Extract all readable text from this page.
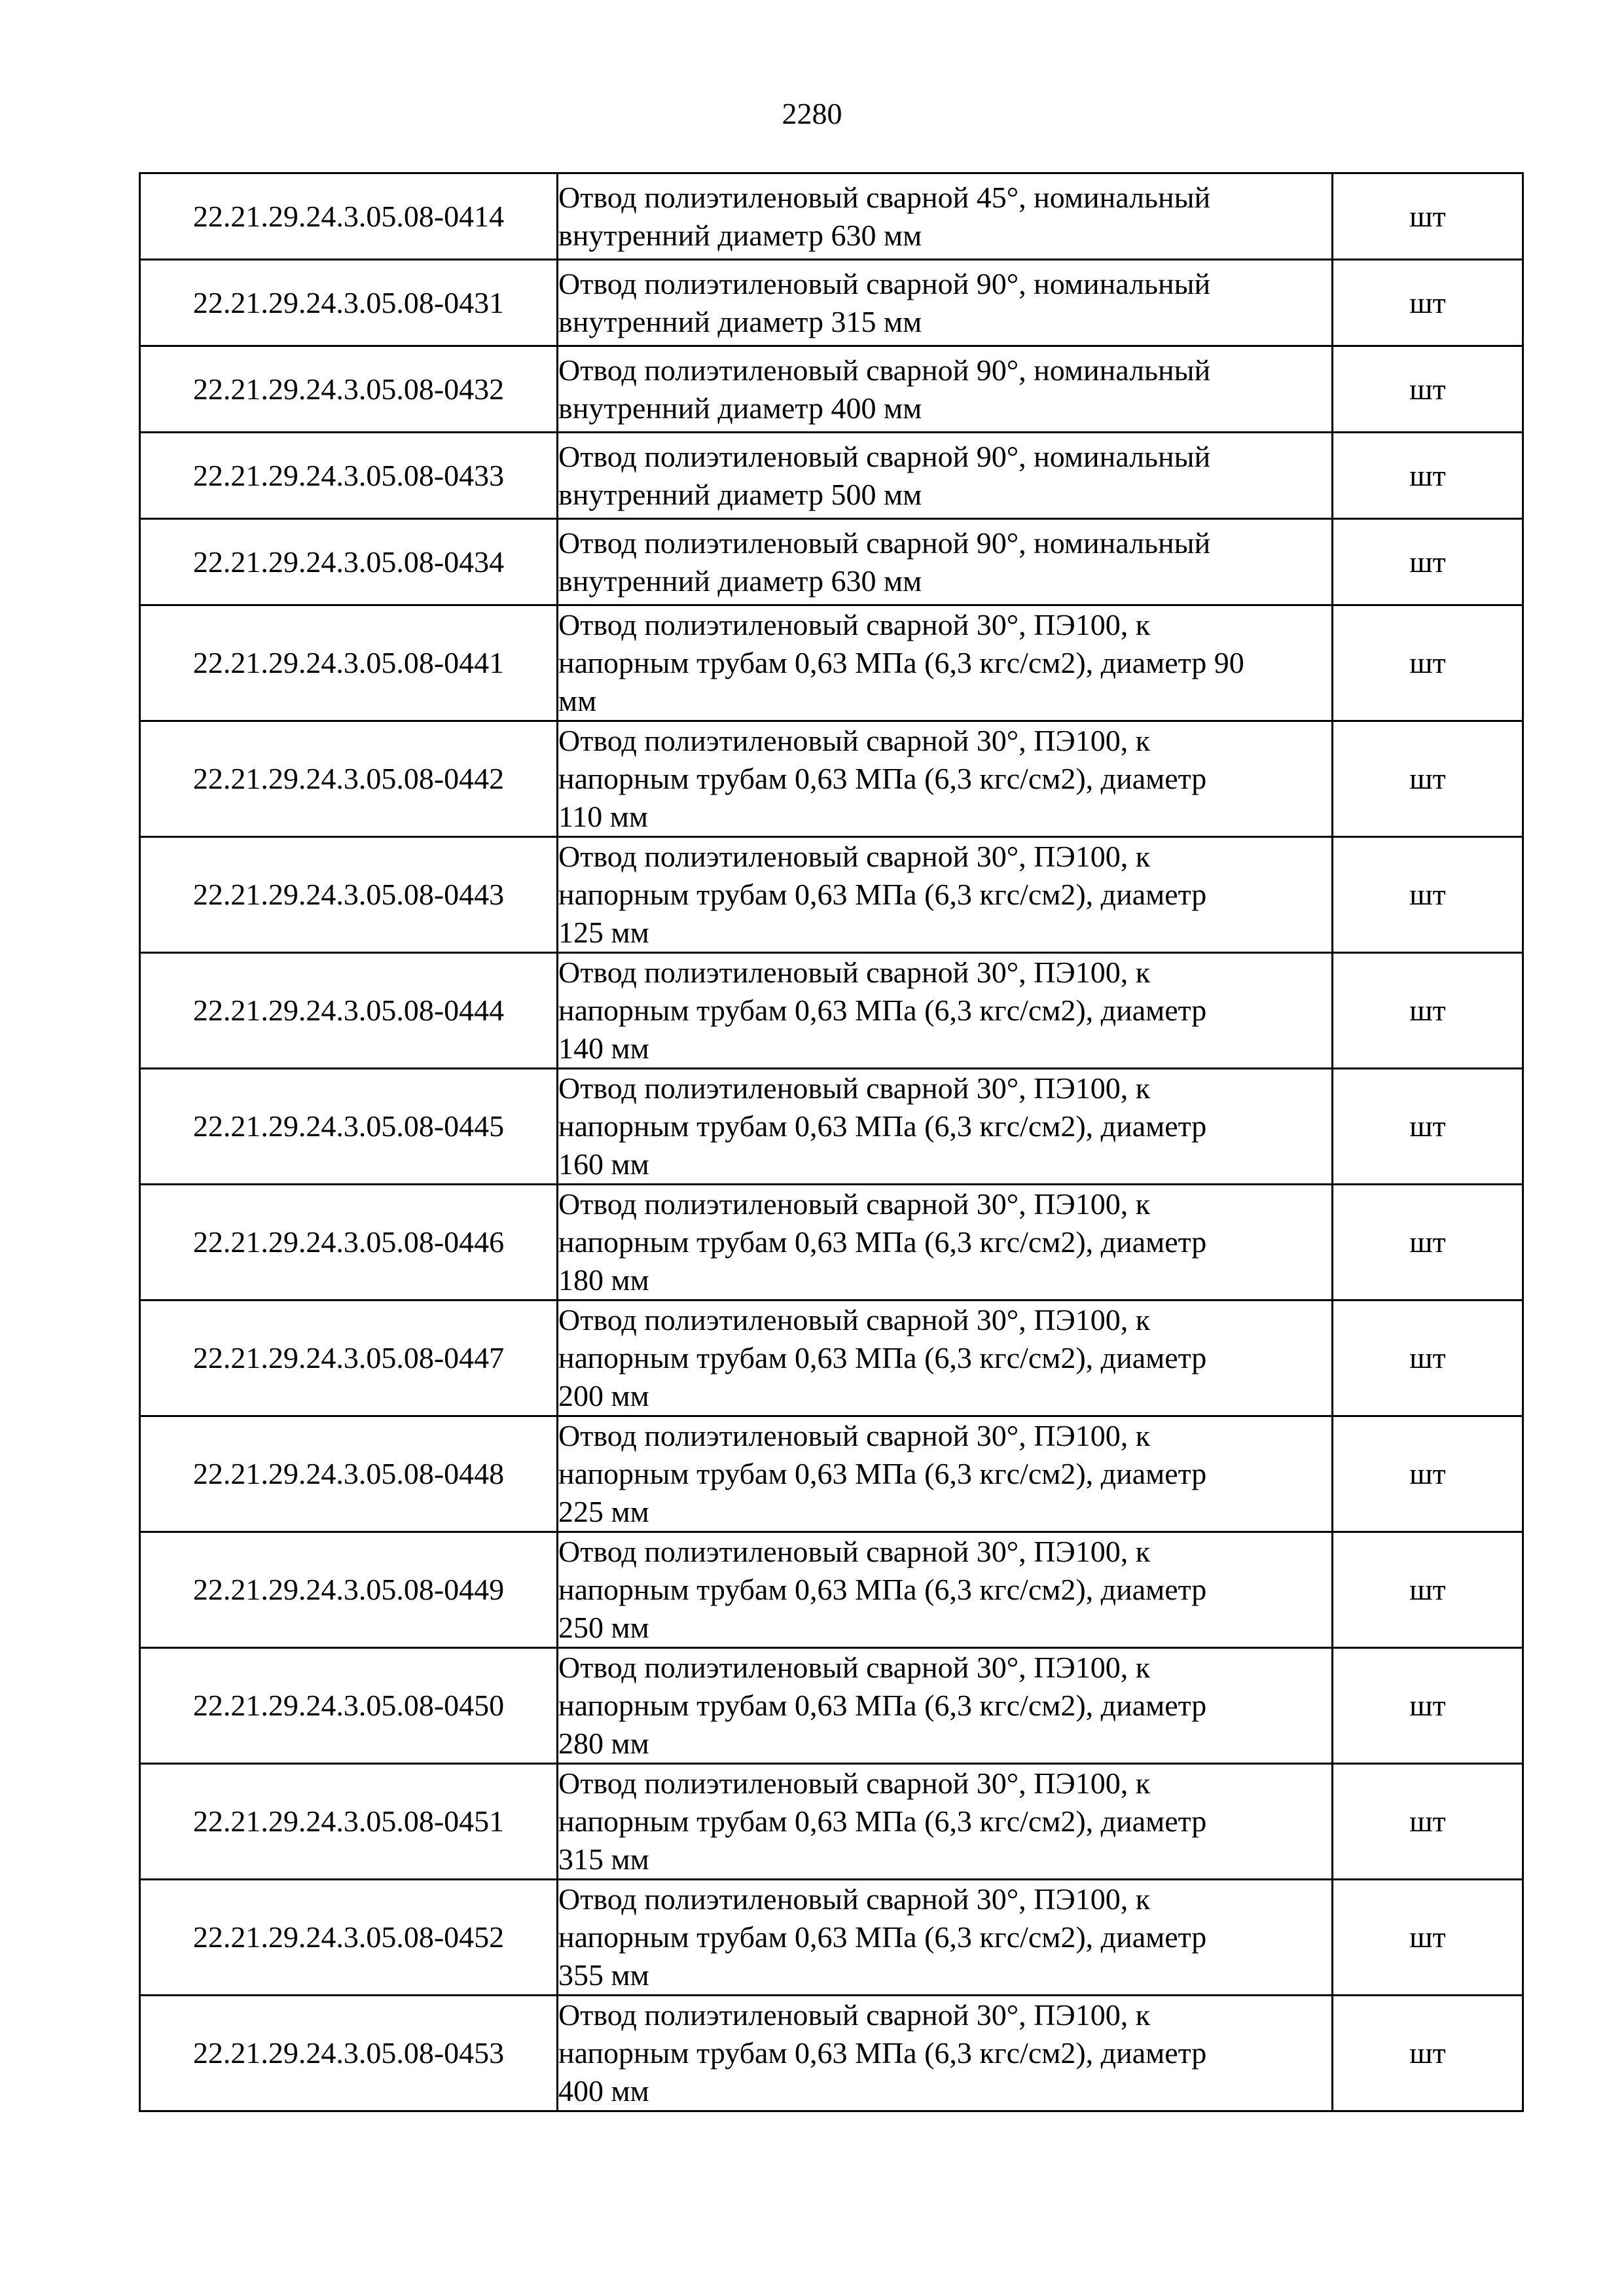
2280
22.21.29.24.3.05.08-0414	Отвод полиэтиленовый сварной 45°, номинальный
внутренний диаметр 630 мм	шт
22.21.29.24.3.05.08-0431	Отвод полиэтиленовый сварной 90°, номинальный
внутренний диаметр 315 мм	шт
22.21.29.24.3.05.08-0432	Отвод полиэтиленовый сварной 90°, номинальный
внутренний диаметр 400 мм	шт
22.21.29.24.3.05.08-0433	Отвод полиэтиленовый сварной 90°, номинальный
внутренний диаметр 500 мм	шт
22.21.29.24.3.05.08-0434	Отвод полиэтиленовый сварной 90°, номинальный
внутренний диаметр 630 мм	шт
22.21.29.24.3.05.08-0441	Отвод полиэтиленовый сварной 30°, ПЭ100, к
напорным трубам 0,63 МПа (6,3 кгс/см2), диаметр 90
мм	шт
22.21.29.24.3.05.08-0442	Отвод полиэтиленовый сварной 30°, ПЭ100, к
напорным трубам 0,63 МПа (6,3 кгс/см2), диаметр
110 мм	шт
22.21.29.24.3.05.08-0443	Отвод полиэтиленовый сварной 30°, ПЭ100, к
напорным трубам 0,63 МПа (6,3 кгс/см2), диаметр
125 мм	шт
22.21.29.24.3.05.08-0444	Отвод полиэтиленовый сварной 30°, ПЭ100, к
напорным трубам 0,63 МПа (6,3 кгс/см2), диаметр
140 мм	шт
22.21.29.24.3.05.08-0445	Отвод полиэтиленовый сварной 30°, ПЭ100, к
напорным трубам 0,63 МПа (6,3 кгс/см2), диаметр
160 мм	шт
22.21.29.24.3.05.08-0446	Отвод полиэтиленовый сварной 30°, ПЭ100, к
напорным трубам 0,63 МПа (6,3 кгс/см2), диаметр
180 мм	шт
22.21.29.24.3.05.08-0447	Отвод полиэтиленовый сварной 30°, ПЭ100, к
напорным трубам 0,63 МПа (6,3 кгс/см2), диаметр
200 мм	шт
22.21.29.24.3.05.08-0448	Отвод полиэтиленовый сварной 30°, ПЭ100, к
напорным трубам 0,63 МПа (6,3 кгс/см2), диаметр
225 мм	шт
22.21.29.24.3.05.08-0449	Отвод полиэтиленовый сварной 30°, ПЭ100, к
напорным трубам 0,63 МПа (6,3 кгс/см2), диаметр
250 мм	шт
22.21.29.24.3.05.08-0450	Отвод полиэтиленовый сварной 30°, ПЭ100, к
напорным трубам 0,63 МПа (6,3 кгс/см2), диаметр
280 мм	шт
22.21.29.24.3.05.08-0451	Отвод полиэтиленовый сварной 30°, ПЭ100, к
напорным трубам 0,63 МПа (6,3 кгс/см2), диаметр
315 мм	шт
22.21.29.24.3.05.08-0452	Отвод полиэтиленовый сварной 30°, ПЭ100, к
напорным трубам 0,63 МПа (6,3 кгс/см2), диаметр
355 мм	шт
22.21.29.24.3.05.08-0453	Отвод полиэтиленовый сварной 30°, ПЭ100, к
напорным трубам 0,63 МПа (6,3 кгс/см2), диаметр
400 мм	шт
